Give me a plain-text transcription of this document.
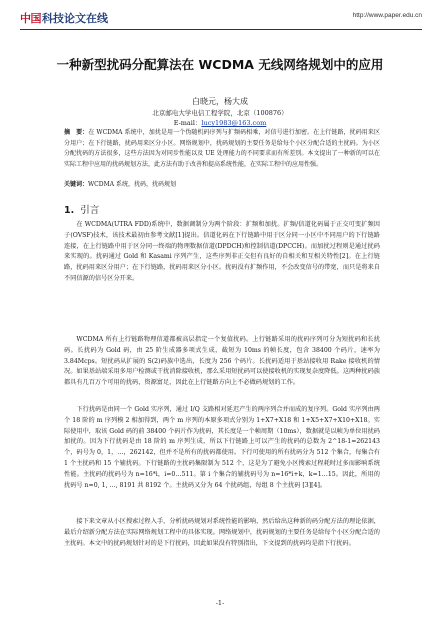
中国 科技论文在线	http://www.paper.edu.cn
一种新型扰码分配算法在 WCDMA 无线网络规划中的应用
白晓元，杨大成
北京邮电大学电信工程学院，北京（100876）
E-mail：lucy1983@163.com
摘　要：在 WCDMA 系统中，加扰是用一个伪随机码序列与扩频码相乘，对信号进行加密。在上行链路，扰码用来区分用户；在下行链路，扰码用来区分小区。网络规划中，扰码规划的主要任务是给每个小区分配合适的主扰码。为小区分配扰码的方法很多，这些方法因为对同步性能以及 UE 处理能力的不同要求而有所差别。本文提出了一种新的可以在实际工程中应用的扰码规划方法，此方法有助于改善和提高系统性能，在实际工程中的应用性强。
关键词：WCDMA 系统，扰码，扰码规划
1. 引言

在 WCDMA(UTRA FDD)系统中，数据调制分为两个阶段：扩频和加扰。扩频/信道化码属于正交可变扩频因子(OVSF)技术，该技术最初由参考文献[1]提出。信道化码在下行链路中用于区分同一小区中不同用户的下行链路连接，在上行链路中用于区分同一终端的物理数据信道(DPDCH)和控制信道(DPCCH)。而加扰过程则是通过扰码来实现的。扰码通过 Gold 和 Kasami 序列产生，这些序列非正交但有良好的自相关和互相关特性[2]。在上行链路，扰码用来区分用户；在下行链路，扰码用来区分小区。扰码没有扩频作用，不会改变信号的带宽，而只是将来自不同信源的信号区分开来。

WCDMA 所有上行链路物理信道都被高层指定一个复值扰码。上行链路采用的扰码序列可分为短扰码和长扰码。长扰码为 Gold 码，由 25 阶生成器多项式生成，截短为 10ms 的帧长度，包含 38400 个码片，速率为 3.84Mcps。短扰码从扩展的 S(2)码族中选出，长度为 256 个码片。长扰码适用于基站接收用 Rake 接收机的情况。如果基站端采用多用户检测或干扰消除接收机，那么采用短扰码可以使接收机的实现复杂度降低。这两种扰码族都具有几百万个可用的扰码，资源富足，因此在上行链路方向上不必做码规划的工作。

下行扰码是由同一个 Gold 实序列，通过 I/Q 支路相对延迟产生的两序列合并而成的复序列。Gold 实序列由两个 18 阶的 m 序列模 2 相加得到，两个 m 序列的本原多项式分别为 1+X7+X18 和 1+X5+X7+X10+X18。实际使用中，取该 Gold 码的前 38400 个码片作为扰码，其长度是一个帧周期（10ms），数据就是以帧为单位用扰码加扰的。因为下行扰码是由 18 阶的 m 序列生成，所以下行链路上可以产生的扰码的总数为 2^18-1=262143 个，码号为 0，1，…，262142，但并不是所有的扰码都使用。下行可使用的所有扰码分为 512 个集合，每集合有 1 个主扰码和 15 个辅扰码。下行链路的主扰码集限制为 512 个，这是为了避免小区搜索过程耗时过多而影响系统性能。主扰码的扰码号为 n=16*i，i=0…511。第 i 个集合的辅扰码号为 n=16*i+k，k=1…15。因此，所用的扰码号 n=0, 1, …, 8191 共 8192 个。主扰码又分为 64 个扰码组，每组 8 个主扰码 [3][4]。

接下来文章从小区搜索过程入手，分析扰码规划对系统性能的影响，然后给出这种新的码分配方法的理论依据，最后介绍新分配方法在实际网络规划工程中的具体实现。网络规划中，扰码规划的主要任务是给每个小区分配合适的主扰码。本文中的扰码规划针对的是下行扰码，因此如果没有特别指出，下文提到的扰码均是指下行扰码。

-1-
